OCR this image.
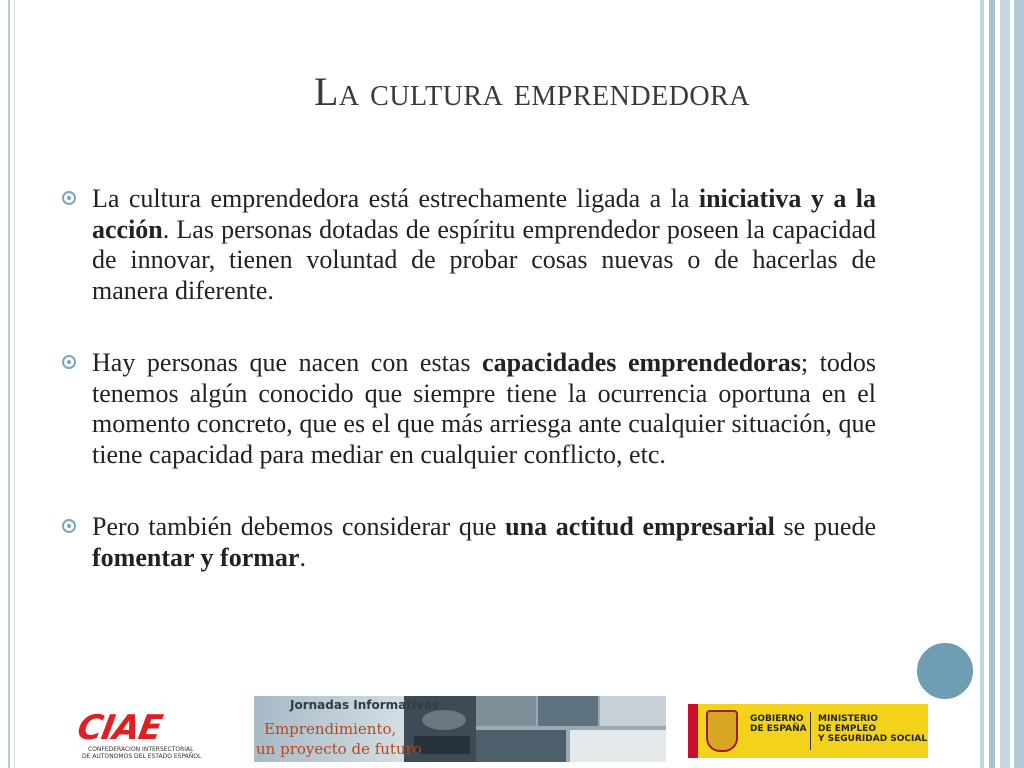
La cultura emprendedora
La cultura emprendedora está estrechamente ligada a la iniciativa y a la acción. Las personas dotadas de espíritu emprendedor poseen la capacidad de innovar, tienen voluntad de probar cosas nuevas o de hacerlas de manera diferente.
Hay personas que nacen con estas capacidades emprendedoras; todos tenemos algún conocido que siempre tiene la ocurrencia oportuna en el momento concreto, que es el que más arriesga ante cualquier situación, que tiene capacidad para mediar en cualquier conflicto, etc.
Pero también debemos considerar que una actitud empresarial se puede fomentar y formar.
CIAE
CONFEDERACION INTERSECTORIAL
DE AUTONOMOS DEL ESTADO ESPAÑOL
Jornadas Informativas
Emprendimiento,
un proyecto de futuro
GOBIERNO
DE ESPAÑA
MINISTERIO
DE EMPLEO
Y SEGURIDAD SOCIAL
